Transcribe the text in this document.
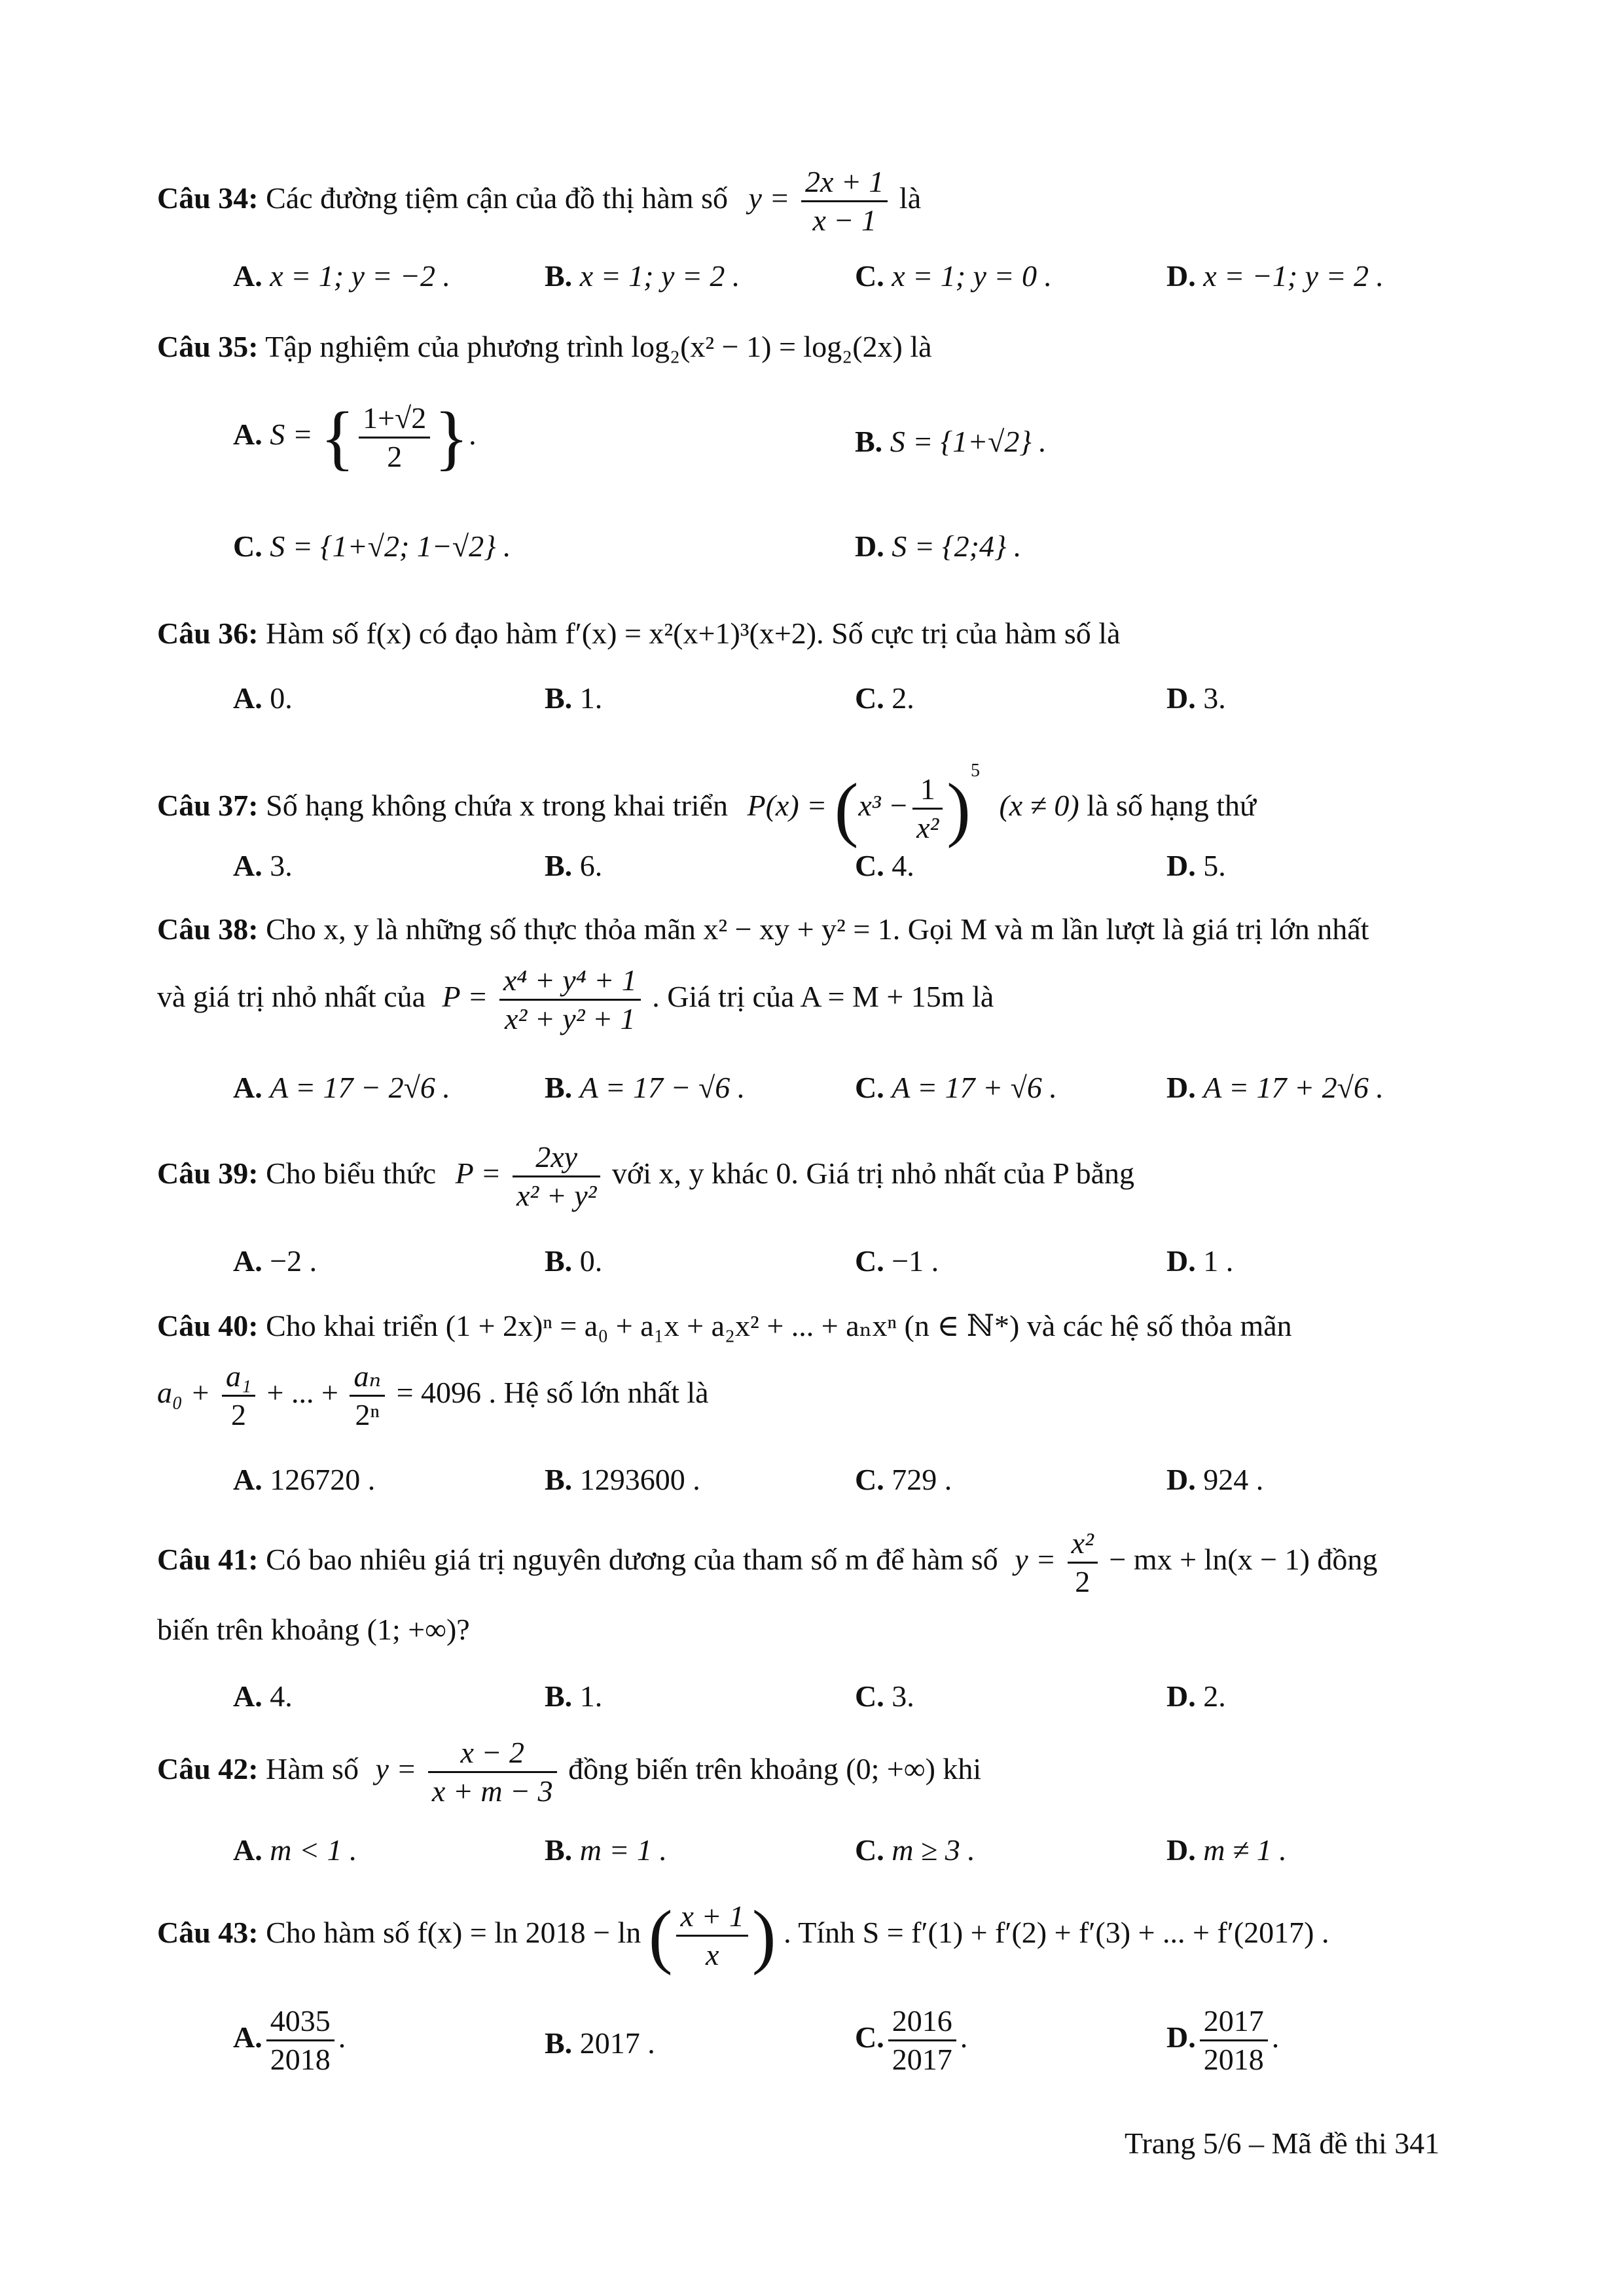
Câu 34: Các đường tiệm cận của đồ thị hàm số $y = \frac{2x + 1}{x - 1}$ là
A. x = 1; y = −2 .	B. x = 1; y = 2 .	C. x = 1; y = 0 .	D. x = −1; y = 2 .
Câu 35: Tập nghiệm của phương trình log₂(x² − 1) = log₂(2x) là
A. S = { $\frac{1+√2}{2}$ }.	B. S = {1+√2} .
C. S = {1+√2; 1−√2} .	D. S = {2;4} .
Câu 36: Hàm số f(x) có đạo hàm f′(x) = x²(x+1)³(x+2). Số cực trị của hàm số là
A. 0.	B. 1.	C. 2.	D. 3.
Câu 37: Số hạng không chứa x trong khai triển $P(x) = (x^3 - \frac{1}{\text{x²}} )^5$ (x ≠ 0) là số hạng thứ
A. 3.	B. 6.	C. 4.	D. 5.
Câu 38: Cho x, y là những số thực thỏa mãn x² − xy + y² = 1. Gọi M và m lần lượt là giá trị lớn nhất
và giá trị nhỏ nhất của $P = \frac{\text{x⁴ + y⁴ + 1}}{\text{x² + y² + 1}}$ . Giá trị của A = M + 15m là
A. A = 17 − 2√6 .	B. A = 17 − √6 .	C. A = 17 + √6 .	D. A = 17 + 2√6 .
Câu 39: Cho biểu thức $P = \frac{2xy}{\text{x² + y²}}$ với x, y khác 0. Giá trị nhỏ nhất của P bằng
A. −2 .	B. 0.	C. −1 .	D. 1 .
Câu 40: Cho khai triển (1 + 2x)ⁿ = a₀ + a₁x + a₂x² + ... + aₙxⁿ (n ∈ ℕ*) và các hệ số thỏa mãn
$a_0 + \frac{\text{a₁}}{2}$ + ... + $\frac{\text{aₙ}}{\text{2ⁿ}} = 4096$ . Hệ số lớn nhất là
A. 126720 .	B. 1293600 .	C. 729 .	D. 924 .
Câu 41: Có bao nhiêu giá trị nguyên dương của tham số m để hàm số $y = \frac{\text{x²}}{2}$ − mx + ln(x − 1) đồng
biến trên khoảng (1; +∞)?
A. 4.	B. 1.	C. 3.	D. 2.
Câu 42: Hàm số $y = \frac{x - 2}{x + m - 3}$ đồng biến trên khoảng (0; +∞) khi
A. m < 1 .	B. m = 1 .	C. m ≥ 3 .	D. m ≠ 1 .
Câu 43: Cho hàm số f(x) = ln 2018 − ln ( $\frac{x + 1}{x}$ ) . Tính S = f′(1) + f′(2) + f′(3) + ... + f′(2017) .
A. $\frac{4035}{2018}$ .	B. 2017 .	C. $\frac{2016}{2017}$ .	D. $\frac{2017}{2018}$ .
Trang 5/6 – Mã đề thi 341
